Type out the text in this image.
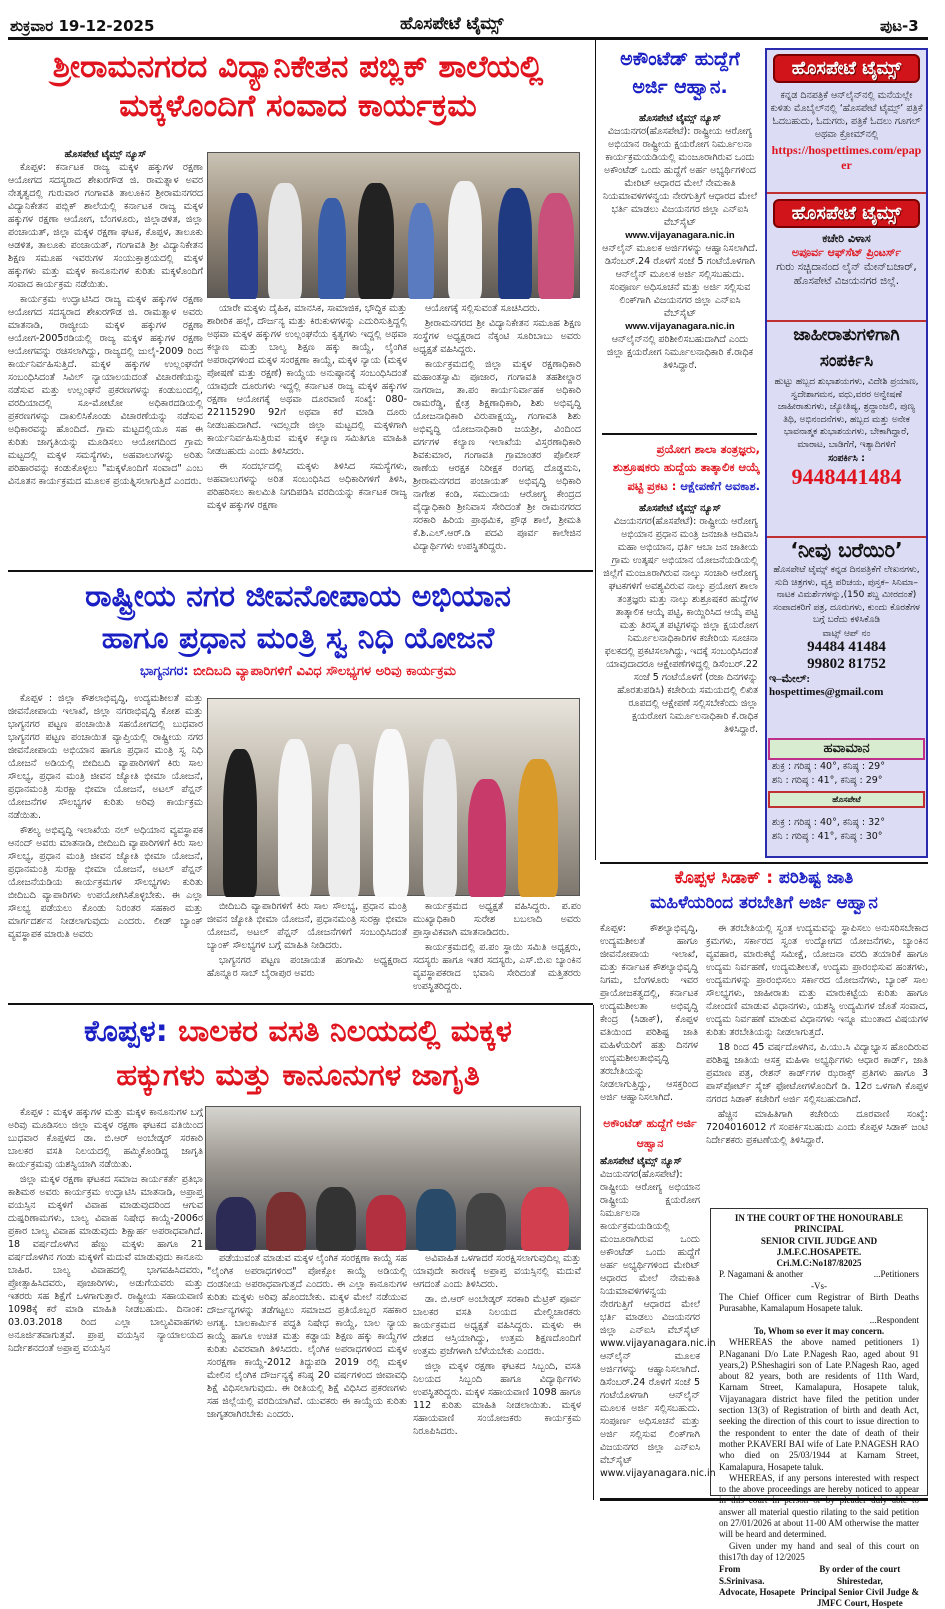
ಶುಕ್ರವಾರ 19-12-2025	ಹೊಸಪೇಟೆ ಟೈಮ್ಸ್	ಪುಟ-3
ಶ್ರೀರಾಮನಗರದ ವಿದ್ಯಾನಿಕೇತನ ಪಬ್ಲಿಕ್ ಶಾಲೆಯಲ್ಲಿ
ಮಕ್ಕಳೊಂದಿಗೆ ಸಂವಾದ ಕಾರ್ಯಕ್ರಮ
ಹೊಸಪೇಟೆ ಟೈಮ್ಸ್ ನ್ಯೂಸ್

ಕೊಪ್ಪಳ: ಕರ್ನಾಟಕ ರಾಜ್ಯ ಮಕ್ಕಳ ಹಕ್ಕುಗಳ ರಕ್ಷಣಾ ಆಯೋಗದ ಸದಸ್ಯರಾದ ಶೇಖರಗೌಡ ಜಿ. ರಾಮತ್ನಾಳ ಅವರ ನೇತೃತ್ವದಲ್ಲಿ ಗುರುವಾರ ಗಂಗಾವತಿ ತಾಲೂಕಿನ ಶ್ರೀರಾಮನಗರದ ವಿದ್ಯಾನಿಕೇತನ ಪಬ್ಲಿಕ್ ಶಾಲೆಯಲ್ಲಿ ಕರ್ನಾಟಕ ರಾಜ್ಯ ಮಕ್ಕಳ ಹಕ್ಕುಗಳ ರಕ್ಷಣಾ ಆಯೋಗ, ಬೆಂಗಳೂರು, ಜಿಲ್ಲಾಡಳಿತ, ಜಿಲ್ಲಾ ಪಂಚಾಯತ್, ಜಿಲ್ಲಾ ಮಕ್ಕಳ ರಕ್ಷಣಾ ಘಟಕ, ಕೊಪ್ಪಳ, ತಾಲೂಕು ಆಡಳಿತ, ತಾಲೂಕು ಪಂಚಾಯತ್, ಗಂಗಾವತಿ ಶ್ರೀ ವಿದ್ಯಾನಿಕೇತನ ಶಿಕ್ಷಣ ಸಮೂಹ ಇವರುಗಳ ಸಂಯುಕ್ತಾಶ್ರಯದಲ್ಲಿ ಮಕ್ಕಳ ಹಕ್ಕುಗಳು ಮತ್ತು ಮಕ್ಕಳ ಕಾನೂನುಗಳ ಕುರಿತು ಮಕ್ಕಳೊಂದಿಗೆ ಸಂವಾದ ಕಾರ್ಯಕ್ರಮ ನಡೆಯಿತು.

ಕಾರ್ಯಕ್ರಮ ಉದ್ಘಾಟಿಸಿದ ರಾಜ್ಯ ಮಕ್ಕಳ ಹಕ್ಕುಗಳ ರಕ್ಷಣಾ ಆಯೋಗದ ಸದಸ್ಯರಾದ ಶೇಖರಗೌಡ ಜಿ. ರಾಮತ್ನಾಳ ಅವರು ಮಾತನಾಡಿ, ರಾಜ್ಯೀಯ ಮಕ್ಕಳ ಹಕ್ಕುಗಳ ರಕ್ಷಣಾ ಆಯೋಗ-2005ರಡಿಯಲ್ಲಿ ರಾಜ್ಯ ಮಕ್ಕಳ ಹಕ್ಕುಗಳ ರಕ್ಷಣಾ ಆಯೋಗವನ್ನು ರಚಿಸಲಾಗಿದ್ದು, ರಾಜ್ಯದಲ್ಲಿ ಜುಲೈ-2009 ರಿಂದ ಕಾರ್ಯನಿರ್ವಹಿಸುತ್ತಿದೆ. ಮಕ್ಕಳ ಹಕ್ಕುಗಳ ಉಲ್ಲಂಘನೆಗೆ ಸಂಬಂಧಿಸಿದಂತೆ ಸಿವಿಲ್ ನ್ಯಾಯಾಲಯದಂತೆ ವಿಚಾರಣೆಯನ್ನು ನಡೆಸುವ ಮತ್ತು ಉಲ್ಲಂಘನೆ ಪ್ರಕರಣಗಳನ್ನು ಕಂಡುಬಂದಲ್ಲಿ, ವರದಿಯಾದಲ್ಲಿ ಸೂ-ಮೋಟೋ ಅಧಿಕಾರದಡಿಯಲ್ಲಿ ಪ್ರಕರಣಗಳನ್ನು ದಾಖಲಿಸಿಕೊಂಡು ವಿಚಾರಣೆಯನ್ನು ನಡೆಸುವ ಅಧಿಕಾರವನ್ನು ಹೊಂದಿದೆ. ಗ್ರಾಮ ಮಟ್ಟದಲ್ಲಿಯೂ ಸಹ ಈ ಕುರಿತು ಜಾಗೃತಿಯನ್ನು ಮೂಡಿಸಲು ಆಯೋಗದಿಂದ ಗ್ರಾಮ ಮಟ್ಟದಲ್ಲಿ ಮಕ್ಕಳ ಸಮಸ್ಯೆಗಳು, ಅಹವಾಲುಗಳನ್ನು ಅರಿತು ಪರಿಹಾರವನ್ನು ಕಂಡುಕೊಳ್ಳಲು "ಮಕ್ಕಳೊಂದಿಗೆ ಸಂವಾದ" ಎಂಬ ವಿನೂತನ ಕಾರ್ಯಕ್ರಮದ ಮೂಲಕ ಪ್ರಯತ್ನಿಸಲಾಗುತ್ತಿದೆ ಎಂದರು.

ಯಾರೇ ಮಕ್ಕಳು ದೈಹಿಕ, ಮಾನಸಿಕ, ಸಾಮಾಜಿಕ, ಭೌದ್ಧಿಕ ಮತ್ತು ಶಾರೀರಿಕ ಹಲ್ಲೆ, ದೌರ್ಜನ್ಯ ಮತ್ತು ಕಿರುಕುಳಗಳನ್ನು ಎದುರಿಸುತ್ತಿದ್ದಲ್ಲಿ ಅಥವಾ ಮಕ್ಕಳ ಹಕ್ಕುಗಳ ಉಲ್ಲಂಘನೆಯ ಕೃತ್ಯಗಳು ಇದ್ದಲ್ಲಿ ಅಥವಾ ಕಲ್ಯಾಣ ಮತ್ತು ಬಾಲ್ಯ ಶಿಕ್ಷಣ ಹಕ್ಕು ಕಾಯ್ದೆ, ಲೈಂಗಿಕ ಅಪರಾಧಗಳಿಂದ ಮಕ್ಕಳ ಸಂರಕ್ಷಣಾ ಕಾಯ್ದೆ, ಮಕ್ಕಳ ನ್ಯಾಯ (ಮಕ್ಕಳ ಪೋಷಣೆ ಮತ್ತು ರಕ್ಷಣೆ) ಕಾಯ್ದೆಯ ಅನುಷ್ಠಾನಕ್ಕೆ ಸಂಬಂಧಿಸಿದಂತೆ ಯಾವುದೇ ದೂರುಗಳು ಇದ್ದಲ್ಲಿ ಕರ್ನಾಟಕ ರಾಜ್ಯ ಮಕ್ಕಳ ಹಕ್ಕುಗಳ ರಕ್ಷಣಾ ಆಯೋಗಕ್ಕೆ ಅಥವಾ ದೂರವಾಣಿ ಸಂಖ್ಯೆ: 080-22115290 92ಗೆ ಅಥವಾ ಕರೆ ಮಾಡಿ ದೂರು ನೀಡಬಹುದಾಗಿದೆ. ಇದಲ್ಲದೇ ಜಿಲ್ಲಾ ಮಟ್ಟದಲ್ಲಿ ಮಕ್ಕಳಿಗಾಗಿ ಕಾರ್ಯನಿರ್ವಹಿಸುತ್ತಿರುವ ಮಕ್ಕಳ ಕಲ್ಯಾಣ ಸಮಿತಿಗೂ ಮಾಹಿತಿ ನೀಡಬಹುದು ಎಂದು ತಿಳಿಸಿದರು.

ಈ ಸಂದರ್ಭದಲ್ಲಿ ಮಕ್ಕಳು ತಿಳಿಸಿದ ಸಮಸ್ಯೆಗಳು, ಅಹವಾಲುಗಳನ್ನು ಅರಿತ ಸಂಬಂಧಿಸಿದ ಅಧಿಕಾರಿಗಳಿಗೆ ತಿಳಿಸಿ, ಪರಿಹರಿಸಲು ಕಾಲಮಿತಿ ನಿಗದಿಪಡಿಸಿ ವರದಿಯನ್ನು ಕರ್ನಾಟಕ ರಾಜ್ಯ ಮಕ್ಕಳ ಹಕ್ಕುಗಳ ರಕ್ಷಣಾ

ಆಯೋಗಕ್ಕೆ ಸಲ್ಲಿಸುವಂತೆ ಸೂಚಿಸಿದರು.

ಶ್ರೀರಾಮನಗರದ ಶ್ರೀ ವಿದ್ಯಾನಿಕೇತನ ಸಮೂಹ ಶಿಕ್ಷಣ ಸಂಸ್ಥೆಗಳ ಅಧ್ಯಕ್ಷರಾದ ನೆಕ್ಕಂಟಿ ಸೂರಿಬಾಬು ಅವರು ಅಧ್ಯಕ್ಷತೆ ವಹಿಸಿದ್ದರು.

ಕಾರ್ಯಕ್ರಮದಲ್ಲಿ ಜಿಲ್ಲಾ ಮಕ್ಕಳ ರಕ್ಷಣಾಧಿಕಾರಿ ಮಹಾಂತಸ್ವಾಮಿ ಪೂಜಾರ, ಗಂಗಾವತಿ ತಹಶೀಲ್ದಾರ ನಾಗರಾಜ, ತಾ.ಪಂ ಕಾರ್ಯನಿರ್ವಾಹಕ ಅಧಿಕಾರಿ ರಾಮರೆಡ್ಡಿ, ಕ್ಷೇತ್ರ ಶಿಕ್ಷಣಾಧಿಕಾರಿ, ಶಿಶು ಅಭಿವೃದ್ಧಿ ಯೋಜನಾಧಿಕಾರಿ ವಿರುಪಾಕ್ಷಯ್ಯ, ಗಂಗಾವತಿ ಶಿಶು ಅಭಿವೃದ್ಧಿ ಯೋಜನಾಧಿಕಾರಿ ಜಯಶ್ರೀ, ವಿಂದಿಂದ ವರ್ಗಗಳ ಕಲ್ಯಾಣ ಇಲಾಖೆಯ ವಿಸ್ತರಣಾಧಿಕಾರಿ ಶಿವಕುಮಾರ, ಗಂಗಾವತಿ ಗ್ರಾಮಾಂತರ ಪೊಲೀಸ್ ಠಾಣೆಯ ಆರಕ್ಷಕ ನಿರೀಕ್ಷಕ ರಂಗಪ್ಪ ದೊಡ್ಡಮನಿ, ಶ್ರೀರಾಮನಗರದ ಪಂಚಾಯತ್ ಅಭಿವೃದ್ಧಿ ಅಧಿಕಾರಿ ನಾಗೇಶ ಕಂಡಿ, ಸಮುದಾಯ ಆರೋಗ್ಯ ಕೇಂದ್ರದ ವೈದ್ಯಾಧಿಕಾರಿ ಶ್ರೀನಿವಾಸ ಸೇರಿದಂತೆ ಶ್ರೀ ರಾಮನಗರದ ಸರಕಾರಿ ಹಿರಿಯ ಪ್ರಾಥಮಿಕ, ಪ್ರೌಢ ಶಾಲೆ, ಶ್ರೀಮತಿ ಕೆ.ಶಿ.ಎಲ್.ಆರ್.ಡಿ ಪದವಿ ಪೂರ್ವ ಕಾಲೇಜಿನ ವಿದ್ಯಾರ್ಥಿಗಳು ಉಪಸ್ಥಿತರಿದ್ದರು.

ರಾಷ್ಟ್ರೀಯ ನಗರ ಜೀವನೋಪಾಯ ಅಭಿಯಾನ
ಹಾಗೂ ಪ್ರಧಾನ ಮಂತ್ರಿ ಸ್ವ ನಿಧಿ ಯೋಜನೆ
ಭಾಗ್ಯನಗರ: ಬೀದಿಬದಿ ವ್ಯಾಪಾರಿಗಳಿಗೆ ವಿವಿಧ ಸೌಲಭ್ಯಗಳ ಅರಿವು ಕಾರ್ಯಕ್ರಮ

ಕೊಪ್ಪಳ : ಜಿಲ್ಲಾ ಕೌಶಲಾಭಿವೃದ್ಧಿ, ಉದ್ಯಮಶೀಲತೆ ಮತ್ತು ಜೀವನೋಪಾಯ ಇಲಾಖೆ, ಜಿಲ್ಲಾ ನಗರಾಭಿವೃದ್ಧಿ ಕೋಶ ಮತ್ತು ಭಾಗ್ಯನಗರ ಪಟ್ಟಣ ಪಂಚಾಯಿತಿ ಸಹಯೋಗದಲ್ಲಿ ಬುಧವಾರ ಭಾಗ್ಯನಗರ ಪಟ್ಟಣ ಪಂಚಾಯಿತ ವ್ಯಾಪ್ತಿಯಲ್ಲಿ ರಾಷ್ಟ್ರೀಯ ನಗರ ಜೀವನೋಪಾಯ ಅಭಿಯಾನ ಹಾಗೂ ಪ್ರಧಾನ ಮಂತ್ರಿ ಸ್ವ ನಿಧಿ ಯೋಜನೆ ಅಡಿಯಲ್ಲಿ ಬೀದಿಬದಿ ವ್ಯಾಪಾರಿಗಳಿಗೆ ಕಿರು ಸಾಲ ಸೌಲಭ್ಯ, ಪ್ರಧಾನ ಮಂತ್ರಿ ಜೀವನ ಜ್ಯೋತಿ ಭೀಮಾ ಯೋಜನೆ, ಪ್ರಧಾನಮಂತ್ರಿ ಸುರಕ್ಷಾ ಭೀಮಾ ಯೋಜನೆ, ಅಟಲ್ ಪೆನ್ಷನ್ ಯೋಜನೆಗಳ ಸೌಲಭ್ಯಗಳ ಕುರಿತು ಅರಿವು ಕಾರ್ಯಕ್ರಮ ನಡೆಯಿತು.

ಕೌಶಲ್ಯ ಅಭಿವೃದ್ಧಿ ಇಲಾಖೆಯ ನಲ್ ಅಧಿಯಾನ ವ್ಯವಸ್ಥಾಪಕ ಆನಂದ್ ಅವರು ಮಾತನಾಡಿ, ಬೀದಿಬದಿ ವ್ಯಾಪಾರಿಗಳಿಗೆ ಕಿರು ಸಾಲ ಸೌಲಭ್ಯ, ಪ್ರಧಾನ ಮಂತ್ರಿ ಜೀವನ ಜ್ಯೋತಿ ಭೀಮಾ ಯೋಜನೆ, ಪ್ರಧಾನಮಂತ್ರಿ ಸುರಕ್ಷಾ ಭೀಮಾ ಯೋಜನೆ, ಅಟಲ್ ಪೆನ್ಷನ್ ಯೋಜನೆಯಡಿಯ ಕಾರ್ಯಕ್ರಮಗಳ ಸೌಲಭ್ಯಗಳು ಕುರಿತು ಬೀದಿಬದಿ ವ್ಯಾಪಾರಿಗಳು ಉಪಯೋಗಿಸಿಕೊಳ್ಳಬೇಕು. ಈ ಎಲ್ಲಾ ಸೌಲಭ್ಯ ಪಡೆಯಲು ಕೊಂಡು ನಿರಂತರ ಸಹಕಾರ ಮತ್ತು ಮಾರ್ಗದರ್ಶನ ನೀಡಲಾಗುವುದು ಎಂದರು. ಲೀಡ್ ಬ್ಯಾಂಕ್ ವ್ಯವಸ್ಥಾಪಕ ಮಾರುತಿ ಅವರು

ಬೀದಿಬದಿ ವ್ಯಾಪಾರಿಗಳಿಗೆ ಕಿರು ಸಾಲ ಸೌಲಭ್ಯ, ಪ್ರಧಾನ ಮಂತ್ರಿ ಜೀವನ ಜ್ಯೋತಿ ಭೀಮಾ ಯೋಜನೆ, ಪ್ರಧಾನಮಂತ್ರಿ ಸುರಕ್ಷಾ ಭೀಮಾ ಯೋಜನೆ, ಅಟಲ್ ಪೆನ್ಷನ್ ಯೋಜನೆಗಳಿಗೆ ಸಂಬಂಧಿಸಿದಂತೆ ಬ್ಯಾಂಕ್ ಸೌಲಭ್ಯಗಳ ಬಗ್ಗೆ ಮಾಹಿತಿ ನೀಡಿದರು.

ಭಾಗ್ಯನಗರ ಪಟ್ಟಣ ಪಂಚಾಯತ ಹಂಗಾಮಿ ಅಧ್ಯಕ್ಷರಾದ ಹೊನ್ನೂರ ಸಾಬ್ ಬೈರಾಪುರ ಅವರು

ಕಾರ್ಯಕ್ರಮದ ಅಧ್ಯಕ್ಷತೆ ವಹಿಸಿದ್ದರು. ಪ.ಪಂ ಮುಖ್ಯಾಧಿಕಾರಿ ಸುರೇಶ ಬಬಲಾದಿ ಅವರು ಪ್ರಾಸ್ತಾವಿಕವಾಗಿ ಮಾತನಾಡಿದರು.

ಕಾರ್ಯಕ್ರಮದಲ್ಲಿ ಪ.ಪಂ ಸ್ಥಾಯಿ ಸಮಿತಿ ಅಧ್ಯಕ್ಷರು, ಸದಸ್ಯರು ಹಾಗೂ ಇತರ ಸದಸ್ಯರು, ಎಸ್.ಬಿ.ಐ ಬ್ಯಾಂಕಿನ ವ್ಯವಸ್ಥಾಪಕರಾದ ಭವಾನಿ ಸೇರಿದಂತೆ ಮತ್ತಿತರರು ಉಪಸ್ಥಿತರಿದ್ದರು.

ಕೊಪ್ಪಳ: ಬಾಲಕರ ವಸತಿ ನಿಲಯದಲ್ಲಿ ಮಕ್ಕಳ
ಹಕ್ಕುಗಳು ಮತ್ತು ಕಾನೂನುಗಳ ಜಾಗೃತಿ

ಕೊಪ್ಪಳ : ಮಕ್ಕಳ ಹಕ್ಕುಗಳ ಮತ್ತು ಮಕ್ಕಳ ಕಾನೂನುಗಳ ಬಗ್ಗೆ ಅರಿವು ಮೂಡಿಸಲು ಜಿಲ್ಲಾ ಮಕ್ಕಳ ರಕ್ಷಣಾ ಘಟಕದ ವತಿಯಿಂದ ಬುಧವಾರ ಕೊಪ್ಪಳದ ಡಾ. ಬಿ.ಆರ್ ಅಂಬೇಡ್ಕರ್ ಸರಕಾರಿ ಬಾಲಕರ ವಸತಿ ನಿಲಯದಲ್ಲಿ ಹಮ್ಮಿಕೊಂಡಿದ್ದ ಜಾಗೃತಿ ಕಾರ್ಯಕ್ರಮವು ಯಶಸ್ವಿಯಾಗಿ ನಡೆಯಿತು.

ಜಿಲ್ಲಾ ಮಕ್ಕಳ ರಕ್ಷಣಾ ಘಟಕದ ಸಮಾಜ ಕಾರ್ಯಕರ್ತೆ ಪ್ರತಿಭಾ ಕಾಶಿಮಠ ಅವರು ಕಾರ್ಯಕ್ರಮ ಉದ್ಘಾಟಿಸಿ ಮಾತನಾಡಿ, ಅಪ್ರಾಪ್ತ ವಯಸ್ಸಿನ ಮಕ್ಕಳಿಗೆ ವಿವಾಹ ಮಾಡುವುದರಿಂದ ಆಗುವ ದುಷ್ಪರಿಣಾಮಗಳು, ಬಾಲ್ಯ ವಿವಾಹ ನಿಷೇಧ ಕಾಯ್ದೆ-2006ರ ಪ್ರಕಾರ ಬಾಲ್ಯ ವಿವಾಹ ಮಾಡುವುದು ಶಿಕ್ಷಾರ್ಹ ಅಪರಾಧವಾಗಿದೆ. 18 ವರ್ಷದೊಳಗಿನ ಹೆಣ್ಣು ಮಕ್ಕಳು ಹಾಗೂ 21 ವರ್ಷದೊಳಗಿನ ಗಂಡು ಮಕ್ಕಳಿಗೆ ಮದುವೆ ಮಾಡುವುದು ಕಾನೂನು ಬಾಹಿರ. ಬಾಲ್ಯ ವಿವಾಹದಲ್ಲಿ ಭಾಗವಹಿಸಿದವರು, ಪ್ರೋತ್ಸಾಹಿಸಿದವರು, ಪೂಜಾರಿಗಳು, ಅಡುಗೆಯವರು ಮತ್ತು ಇತರರು ಸಹ ಶಿಕ್ಷೆಗೆ ಒಳಗಾಗುತ್ತಾರೆ. ರಾಷ್ಟ್ರೀಯ ಸಹಾಯವಾಣಿ 1098ಕ್ಕೆ ಕರೆ ಮಾಡಿ ಮಾಹಿತಿ ನೀಡಬಹುದು. ದಿನಾಂಕ: 03.03.2018 ರಿಂದ ಎಲ್ಲಾ ಬಾಲ್ಯವಿವಾಹಗಳು ಅನೂರ್ಜಿತವಾಗುತ್ತವೆ. ಪ್ರಾಪ್ತ ವಯಸ್ಸಿನ ನ್ಯಾಯಾಲಯದ ನಿರ್ದೇಶನದಂತೆ ಅಪ್ರಾಪ್ತ ವಯಸ್ಸಿನ

ಪಡೆಯುವಂತೆ ಮಾಡುವ ಮಕ್ಕಳ ಲೈಂಗಿಕ ಸಂರಕ್ಷಣಾ ಕಾಯ್ದೆ ಸಹ "ಲೈಂಗಿಕ ಅಪರಾಧಗಳಿಂದ" ಪೋಕ್ಸೋ ಕಾಯ್ದೆ ಅಡಿಯಲ್ಲಿ ದಂಡನೀಯ ಅಪರಾಧವಾಗುತ್ತದೆ ಎಂದರು. ಈ ಎಲ್ಲಾ ಕಾನೂನುಗಳ ಕುರಿತು ಮಕ್ಕಳು ಅರಿವು ಹೊಂದಬೇಕು. ಮಕ್ಕಳ ಮೇಲೆ ನಡೆಯುವ ದೌರ್ಜನ್ಯಗಳನ್ನು ತಡೆಗಟ್ಟಲು ಸಮಾಜದ ಪ್ರತಿಯೊಬ್ಬರ ಸಹಕಾರ ಅಗತ್ಯ. ಬಾಲಕಾರ್ಮಿಕ ಪದ್ಧತಿ ನಿಷೇಧ ಕಾಯ್ದೆ, ಬಾಲ ನ್ಯಾಯ ಕಾಯ್ದೆ ಹಾಗೂ ಉಚಿತ ಮತ್ತು ಕಡ್ಡಾಯ ಶಿಕ್ಷಣ ಹಕ್ಕು ಕಾಯ್ದೆಗಳ ಕುರಿತು ವಿವರವಾಗಿ ತಿಳಿಸಿದರು. ಲೈಂಗಿಕ ಅಪರಾಧಗಳಿಂದ ಮಕ್ಕಳ ಸಂರಕ್ಷಣಾ ಕಾಯ್ದೆ-2012 ತಿದ್ದುಪಡಿ 2019 ರಲ್ಲಿ ಮಕ್ಕಳ ಮೇಲಿನ ಲೈಂಗಿಕ ದೌರ್ಜನ್ಯಕ್ಕೆ ಕನಿಷ್ಠ 20 ವರ್ಷಗಳಿಂದ ಜೀವಾವಧಿ ಶಿಕ್ಷೆ ವಿಧಿಸಲಾಗುವುದು. ಈ ರೀತಿಯಲ್ಲಿ ಶಿಕ್ಷೆ ವಿಧಿಸಿದ ಪ್ರಕರಣಗಳು ಸಹ ಜಿಲ್ಲೆಯಲ್ಲಿ ವರದಿಯಾಗಿವೆ. ಯುವಕರು ಈ ಕಾಯ್ದೆಯ ಕುರಿತು ಜಾಗೃತರಾಗಿರಬೇಕು ಎಂದರು.

ಅವಿವಾಹಿತ ಒಳಗಾದರೆ ಸಂರಕ್ಷಿಸಲಾಗುವುದಿಲ್ಲ ಮತ್ತು ಯಾವುದೇ ಕಾರಣಕ್ಕೆ ಅಪ್ರಾಪ್ತ ವಯಸ್ಸಿನಲ್ಲಿ ಮದುವೆ ಆಗದಂತೆ ಎಂದು ತಿಳಿಸಿದರು.

ಡಾ. ಬಿ.ಆರ್ ಅಂಬೇಡ್ಕರ್ ಸರಕಾರಿ ಮೆಟ್ರಿಕ್ ಪೂರ್ವ ಬಾಲಕರ ವಸತಿ ನಿಲಯದ ಮೇಲ್ವಿಚಾರಕರು ಕಾರ್ಯಕ್ರಮದ ಅಧ್ಯಕ್ಷತೆ ವಹಿಸಿದ್ದರು. ಮಕ್ಕಳು ಈ ದೇಶದ ಆಸ್ತಿಯಾಗಿದ್ದು, ಉತ್ತಮ ಶಿಕ್ಷಣದೊಂದಿಗೆ ಉತ್ತಮ ಪ್ರಜೆಗಳಾಗಿ ಬೆಳೆಯಬೇಕು ಎಂದರು.

ಜಿಲ್ಲಾ ಮಕ್ಕಳ ರಕ್ಷಣಾ ಘಟಕದ ಸಿಬ್ಬಂದಿ, ವಸತಿ ನಿಲಯದ ಸಿಬ್ಬಂದಿ ಹಾಗೂ ವಿದ್ಯಾರ್ಥಿಗಳು ಉಪಸ್ಥಿತರಿದ್ದರು. ಮಕ್ಕಳ ಸಹಾಯವಾಣಿ 1098 ಹಾಗೂ 112 ಕುರಿತು ಮಾಹಿತಿ ನೀಡಲಾಯಿತು. ಮಕ್ಕಳ ಸಹಾಯವಾಣಿ ಸಂಯೋಜಕರು ಕಾರ್ಯಕ್ರಮ ನಿರೂಪಿಸಿದರು.

ಅಕೌಂಟೆಡ್ ಹುದ್ದೆಗೆ
ಅರ್ಜಿ ಆಹ್ವಾನ.
ಹೊಸಪೇಟೆ ಟೈಮ್ಸ್ ನ್ಯೂಸ್
ವಿಜಯನಗರ(ಹೊಸಪೇಟೆ): ರಾಷ್ಟ್ರೀಯ ಆರೋಗ್ಯ ಅಭಿಯಾನ ರಾಷ್ಟ್ರೀಯ ಕ್ಷಯರೋಗ ನಿರ್ಮೂಲನಾ ಕಾರ್ಯಕ್ರಮಯಡಿಯಲ್ಲಿ ಮಂಜೂರಾಗಿರುವ ಒಂದು ಅಕೌಂಟೆಡ್ ಒಂದು ಹುದ್ದೆಗೆ ಅರ್ಹ ಅಭ್ಯರ್ಥಿಗಳಿಂದ ಮೇರಿಟ್ ಆಧಾರದ ಮೇಲೆ ನೇಮಕಾತಿ ನಿಯಮಾವಳಿಗಳನ್ವಯ ನೇರಗುತ್ತಿಗೆ ಆಧಾರದ ಮೇಲೆ ಭರ್ತಿ ಮಾಡಲು ವಿಜಯನಗರ ಜಿಲ್ಲಾ ಎನ್‌ಐಸಿ ವೆಬ್‌ಸೈಟ್
www.vijayanagara.nic.in
ಆನ್‌ಲೈನ್ ಮೂಲಕ ಅರ್ಜಿಗಳನ್ನು ಆಹ್ವಾನಿಸಲಾಗಿದೆ. ಡಿಸೆಂಬರ್.24 ರೊಳಗೆ ಸಂಜೆ 5 ಗಂಟೆಯೊಳಗಾಗಿ ಆನ್‌ಲೈನ್ ಮೂಲಕ ಅರ್ಜಿ ಸಲ್ಲಿಸಬಹುದು. ಸಂಪೂರ್ಣ ಅಧಿಸೂಚನೆ ಮತ್ತು ಅರ್ಜಿ ಸಲ್ಲಿಸುವ ಲಿಂಕ್‌ಗಾಗಿ ವಿಜಯನಗರ ಜಿಲ್ಲಾ ಎನ್‌ಐಸಿ ವೆಬ್‌ಸೈಟ್
www.vijayanagara.nic.in
ಆನ್‌ಲೈನ್‌ನಲ್ಲಿ ಪರಿಶೀಲಿಸಬಹುದಾಗಿದೆ ಎಂದು ಜಿಲ್ಲಾ ಕ್ಷಯರೋಗ ನಿರ್ಮೂಲನಾಧಿಕಾರಿ ಕೆ.ರಾಧಿಕ ತಿಳಿಸಿದ್ದಾರೆ.
ಪ್ರಯೋಗ ಶಾಲಾ ತಂತ್ರಜ್ಞರು,
ಶುಶ್ರೂಷಕರು ಹುದ್ದೆಯ ತಾತ್ಕಾಲಿಕ ಆಯ್ಕೆ
ಪಟ್ಟಿ ಪ್ರಕಟ : ಆಕ್ಷೇಪಣೆಗೆ ಅವಕಾಶ.
ಹೊಸಪೇಟೆ ಟೈಮ್ಸ್ ನ್ಯೂಸ್
ವಿಜಯನಗರ(ಹೊಸಪೇಟೆ): ರಾಷ್ಟ್ರೀಯ ಆರೋಗ್ಯ ಅಭಿಯಾನ ಪ್ರಧಾನ ಮಂತ್ರಿ ಜನಜಾತಿ ಆದಿವಾಸಿ ಮಹಾ ಅಭಿಯಾನ, ಧರ್ತಿ ಆಬಾ ಜನ ಜಾತೀಯ ಗ್ರಾಮ ಉತ್ಕರ್ಷ ಅಭಿಯಾನ ಯೋಜನೆಯಡಿಯಲ್ಲಿ ಜಿಲ್ಲೆಗೆ ಮಂಜೂರಾಗಿರುವ ನಾಲ್ಕು ಸಂಚಾರಿ ಆರೋಗ್ಯ ಘಟಕಗಳಿಗೆ ಅವಶ್ಯವಿರುವ ನಾಲ್ಕು ಪ್ರಯೋಗ ಶಾಲಾ ತಂತ್ರಜ್ಞರು ಮತ್ತು ನಾಲ್ಕು ಶುಶ್ರೂಷಕರ ಹುದ್ದೆಗಳ ತಾತ್ಕಾಲಿಕ ಆಯ್ಕೆ ಪಟ್ಟಿ, ಕಾಯ್ದಿರಿಸಿದ ಆಯ್ಕೆ ಪಟ್ಟಿ ಮತ್ತು ತಿರಸ್ಕೃತ ಪಟ್ಟಿಗಳನ್ನು ಜಿಲ್ಲಾ ಕ್ಷಯರೋಗ ನಿರ್ಮೂಲನಾಧಿಕಾರಿಗಳ ಕಚೇರಿಯ ಸೂಚನಾ ಫಲಕದಲ್ಲಿ ಪ್ರಕಟಿಸಲಾಗಿದ್ದು, ಇದಕ್ಕೆ ಸಂಬಂಧಿಸಿದಂತೆ ಯಾವುದಾದರೂ ಆಕ್ಷೇಪಣೆಗಳಿದ್ದಲ್ಲಿ ಡಿಸೆಂಬರ್.22 ಸಂಜೆ 5 ಗಂಟೆಯೊಳಗೆ (ರಜಾ ದಿನಗಳನ್ನು ಹೊರತುಪಡಿಸಿ) ಕಚೇರಿಯ ಸಮಯದಲ್ಲಿ ಲಿಖಿತ ರೂಪದಲ್ಲಿ ಆಕ್ಷೇಪಣೆ ಸಲ್ಲಿಸಬೇಕೆಂದು ಜಿಲ್ಲಾ ಕ್ಷಯರೋಗ ನಿರ್ಮೂಲನಾಧಿಕಾರಿ ಕೆ.ರಾಧಿಕ ತಿಳಿಸಿದ್ದಾರೆ.
ಹೊಸಪೇಟೆ ಟೈಮ್ಸ್
ಕನ್ನಡ ದಿನಪತ್ರಿಕೆ ಆನ್‌ಲೈನ್‌ನಲ್ಲಿ ಮನೆಯಲ್ಲೇ ಕುಳಿತು ಮೊಬೈಲ್‌ನಲ್ಲಿ ‘ಹೊಸಪೇಟೆ ಟೈಮ್ಸ್’ ಪತ್ರಿಕೆ ಓದಬಹುದು, ಓದುಗರು, ಪತ್ರಿಕೆ ಓದಲು ಗೂಗಲ್ ಅಥವಾ ಕ್ರೋಮ್‌ನಲ್ಲಿ
https://hospettimes.com/epaper
ಹೊಸಪೇಟೆ ಟೈಮ್ಸ್
ಕಚೇರಿ ವಿಳಾಸ
ಅಪೂರ್ವ ಆಫ್‌ಸೆಟ್ ಪ್ರಿಂಟರ್ಸ್
ಗುರು ಸಚ್ಚಿದಾನಂದ ಲೈನ್ ಮೇನ್‌ಬಜಾರ್, ಹೊಸಪೇಟೆ ವಿಜಯನಗರ ಜಿಲ್ಲೆ.
ಜಾಹೀರಾತುಗಳಿಗಾಗಿ
ಸಂಪರ್ಕಿಸಿ
ಹುಟ್ಟು ಹಬ್ಬದ ಶುಭಾಶಯಗಳು, ವಿದೇಶಿ ಪ್ರಯಾಣ, ಸ್ವದೇಶಾಗಮನ, ವಧು,ವರರ ಅನ್ವೇಷಣೆ ಜಾಹೀರಾತುಗಳು, ಜ್ಯೋತಿಷ್ಯ, ಶ್ರದ್ಧಾಂಜಲಿ, ಪುಣ್ಯ ತಿಥಿ, ಅಭಿನಂದನೆಗಳು, ಹಬ್ಬದ ಮತ್ತು ಅನೇಕ ಭಾವನಾತ್ಮಕ ಶುಭಾಶಯಗಳು, ಬೇಕಾಗಿದ್ದಾರೆ, ಮಾರಾಟ, ಬಾಡಿಗೆಗೆ, ಇತ್ಯಾದಿಗಳಿಗೆ
ಸಂಪರ್ಕಿಸಿ :
9448441484
‘ನೀವು ಬರೆಯಿರಿ’
ಹೊಸಪೇಟೆ ಟೈಮ್ಸ್ ಕನ್ನಡ ದಿನಪತ್ರಿಕೆಗೆ ಲೇಖನಗಳು, ಸುದಿ ಚಿತ್ರಗಳು, ವ್ಯಕ್ತಿ ಪರಿಚಯ, ಪುಸ್ತಕ– ಸಿನಿಮಾ–ನಾಟಕ ವಿಮರ್ಶೆಗಳನ್ನು,(150 ಶಬ್ದ ಮೀರದಂತೆ) ಸಂಪಾದಕರಿಗೆ ಪತ್ರ, ದೂರುಗಳು, ಕುಂದು ಕೊರತೆಗಳ ಬಗ್ಗೆ ಬರೆದು ಕಳಿಸಿಕೊಡಿ
ವಾಟ್ಸ್ ಆಪ್ ನಂ
94484 41484
99802 81752
ಇ–ಮೇಲ್: hospettimes@gmail.com
ಹವಾಮಾನ
ಶುಕ್ರ : ಗರಿಷ್ಠ : 40°, ಕನಿಷ್ಠ : 29°
ಶನಿ : ಗರಿಷ್ಠ : 41°, ಕನಿಷ್ಠ : 29°
ಹೊಸಪೇಟೆ
ಶುಕ್ರ : ಗರಿಷ್ಠ : 40°, ಕನಿಷ್ಠ : 32°
ಶನಿ : ಗರಿಷ್ಠ : 41°, ಕನಿಷ್ಠ : 30°
ಕೊಪ್ಪಳ ಸಿಡಾಕ್ : ಪರಿಶಿಷ್ಟ ಜಾತಿ
ಮಹಿಳೆಯರಿಂದ ತರಬೇತಿಗೆ ಅರ್ಜಿ ಆಹ್ವಾನ
ಕೊಪ್ಪಳ: ಕೌಶಲ್ಯಾಭಿವೃದ್ಧಿ, ಉದ್ಯಮಶೀಲತೆ ಹಾಗೂ ಜೀವನೋಪಾಯ ಇಲಾಖೆ, ಮತ್ತು ಕರ್ನಾಟಕ ಕೌಶಲ್ಯಾಭಿವೃದ್ಧಿ ನಿಗಮ, ಬೆಂಗಳೂರು ಇವರ ಪ್ರಾಯೋಜಕತ್ವದಲ್ಲಿ, ಕರ್ನಾಟಕ ಉದ್ಯಮಶೀಲತಾ ಅಭಿವೃದ್ಧಿ ಕೇಂದ್ರ (ಸಿಡಾಕ್), ಕೊಪ್ಪಳ ವತಿಯಿಂದ ಪರಿಶಿಷ್ಟ ಜಾತಿ ಮಹಿಳೆಯರಿಗೆ ಹತ್ತು ದಿನಗಳ ಉದ್ಯಮಶೀಲತಾಭಿವೃದ್ಧಿ ತರಬೇತಿಯನ್ನು ನೀಡಲಾಗುತ್ತಿದ್ದು, ಆಸಕ್ತರಿಂದ ಅರ್ಜಿ ಆಹ್ವಾನಿಸಲಾಗಿದೆ.

ಈ ತರಬೇತಿಯಲ್ಲಿ ಸ್ವಂತ ಉದ್ಯಮವನ್ನು ಸ್ಥಾಪಿಸಲು ಅನುಸರಿಸಬೇಕಾದ ಕ್ರಮಗಳು, ಸರ್ಕಾರದ ಸ್ವಂತ ಉದ್ಯೋಗದ ಯೋಜನೆಗಳು, ಬ್ಯಾಂಕಿನ ವ್ಯವಹಾರ, ಮಾರುಕಟ್ಟೆ ಸಮೀಕ್ಷೆ, ಯೋಜನಾ ವರದಿ ತಯಾರಿಕೆ ಹಾಗೂ ಉದ್ಯಮ ನಿರ್ವಹಣೆ, ಉದ್ಯಮಶೀಲತೆ, ಉದ್ಯಮ ಪ್ರಾರಂಭಿಸುವ ಹಂತಗಳು, ಉದ್ಯಮಗಳನ್ನು ಪ್ರಾರಂಭಿಸಲು ಸರ್ಕಾರದ ಯೋಜನೆಗಳು, ಬ್ಯಾಂಕ್ ಸಾಲ ಸೌಲಭ್ಯಗಳು, ಜಾಹೀರಾತು ಮತ್ತು ಮಾರುಕಟ್ಟೆಯ ಕುರಿತು ಹಾಗೂ ನೋಂದಣಿ ಮಾಡುವ ವಿಧಾನಗಳು, ಯಶಸ್ವಿ ಉದ್ಯಮಿಗಳ ಜೊತೆ ಸಂವಾದ, ಉದ್ಯಮ ನಿರ್ವಹಣೆ ಮಾಡುವ ವಿಧಾನಗಳು ಇನ್ನೂ ಮುಂತಾದ ವಿಷಯಗಳ ಕುರಿತು ತರಬೇತಿಯನ್ನು ನೀಡಲಾಗುತ್ತದೆ.

18 ರಿಂದ 45 ವರ್ಷದೊಳಗಿನ, ಪಿ.ಯು.ಸಿ ವಿದ್ಯಾಭ್ಯಾಸ ಹೊಂದಿರುವ ಪರಿಶಿಷ್ಟ ಜಾತಿಯ ಆಸಕ್ತ ಮಹಿಳಾ ಅಭ್ಯರ್ಥಿಗಳು ಆಧಾರ ಕಾರ್ಡ್, ಜಾತಿ ಪ್ರಮಾಣ ಪತ್ರ, ರೇಶನ್ ಕಾರ್ಡ್‌ಗಳ ಝರಾಕ್ಸ್ ಪ್ರತಿಗಳು ಹಾಗೂ 3 ಪಾಸ್‌ಪೋರ್ಟ್ ಸೈಜ್ ಫೋಟೋಗಳೊಂದಿಗೆ ಡಿ. 12ರ ಒಳಗಾಗಿ ಕೊಪ್ಪಳ ನಗರದ ಸಿಡಾಕ್ ಕಚೇರಿಗೆ ಅರ್ಜಿ ಸಲ್ಲಿಸಬಹುದಾಗಿದೆ.

ಹೆಚ್ಚಿನ ಮಾಹಿತಿಗಾಗಿ ಕಚೇರಿಯ ದೂರವಾಣಿ ಸಂಖ್ಯೆ: 7204016012 ಗೆ ಸಂಪರ್ಕಿಸಬಹುದು ಎಂದು ಕೊಪ್ಪಳ ಸಿಡಾಕ್ ಜಂಟಿ ನಿರ್ದೇಶಕರು ಪ್ರಕಟಣೆಯಲ್ಲಿ ತಿಳಿಸಿದ್ದಾರೆ.

ಅಕೌಂಟೆಡ್ ಹುದ್ದೆಗೆ ಅರ್ಜಿ
ಆಹ್ವಾನ
ಹೊಸಪೇಟೆ ಟೈಮ್ಸ್ ನ್ಯೂಸ್
ವಿಜಯನಗರ(ಹೊಸಪೇಟೆ): ರಾಷ್ಟ್ರೀಯ ಆರೋಗ್ಯ ಅಭಿಯಾನ ರಾಷ್ಟ್ರೀಯ ಕ್ಷಯರೋಗ ನಿರ್ಮೂಲನಾ ಕಾರ್ಯಕ್ರಮಯಡಿಯಲ್ಲಿ ಮಂಜೂರಾಗಿರುವ ಒಂದು ಅಕೌಂಟೆಡ್ ಒಂದು ಹುದ್ದೆಗೆ ಅರ್ಹ ಅಭ್ಯರ್ಥಿಗಳಿಂದ ಮೇರಿಟ್ ಆಧಾರದ ಮೇಲೆ ನೇಮಕಾತಿ ನಿಯಮಾವಳಿಗಳನ್ವಯ ನೇರಗುತ್ತಿಗೆ ಆಧಾರದ ಮೇಲೆ ಭರ್ತಿ ಮಾಡಲು ವಿಜಯನಗರ ಜಿಲ್ಲಾ ಎನ್‌ಐಸಿ ವೆಬ್‌ಸೈಟ್ www.vijayanagara.nic.in ಆನ್‌ಲೈನ್ ಮೂಲಕ ಅರ್ಜಿಗಳನ್ನು ಆಹ್ವಾನಿಸಲಾಗಿದೆ. ಡಿಸೆಂಬರ್.24 ರೊಳಗೆ ಸಂಜೆ 5 ಗಂಟೆಯೊಳಗಾಗಿ ಆನ್‌ಲೈನ್ ಮೂಲಕ ಅರ್ಜಿ ಸಲ್ಲಿಸಬಹುದು. ಸಂಪೂರ್ಣ ಅಧಿಸೂಚನೆ ಮತ್ತು ಅರ್ಜಿ ಸಲ್ಲಿಸುವ ಲಿಂಕ್‌ಗಾಗಿ ವಿಜಯನಗರ ಜಿಲ್ಲಾ ಎನ್‌ಐಸಿ ವೆಬ್‌ಸೈಟ್ www.vijayanagara.nic.in
IN THE COURT OF THE HONOURABLE PRINCIPAL
SENIOR CIVIL JUDGE AND J.M.F.C.HOSAPETE.
Cri.M.C:No187/82025
P. Nagamani & another	...Petitioners
-Vs-
The Chief Officer cum Registrar of Birth Deaths Purasabhe, Kamalapum Hosapete taluk.
...Respondent
To, Whom so ever it may concern.
WHEREAS the above named petitioners 1) P.Naganani D/o Late P.Nagesh Rao, aged about 91 years,2) P.Sheshagiri son of Late P.Nagesh Rao, aged about 82 years, both are residents of 11th Ward, Karnam Street, Kamalapura, Hosapete taluk, Vijayanagara district have filed the petition under section 13(3) of Registration of birth and death Act, seeking the direction of this court to issue direction to the respondent to enter the date of death of their mother P.KAVERI BAI wife of Late P.NAGESH RAO who died on 25/03/1944 at Karnam Street, Kamalapura, Hosapete taluk.
WHEREAS, if any persons interested with respect to the above proceedings are hereby noticed to appear answer all material questio rilating to the said petition on 27/01/2026 at about 11-00 AM otherwise the matter will be heard and determined.
Given under my hand and seal of this court on this17th day of 12/2025
From
S.Srinivasa.
Advocate, Hosapete
By order of the court
Shirestedar,
Principal Senior Civil Judge &
JMFC Court, Hospete
